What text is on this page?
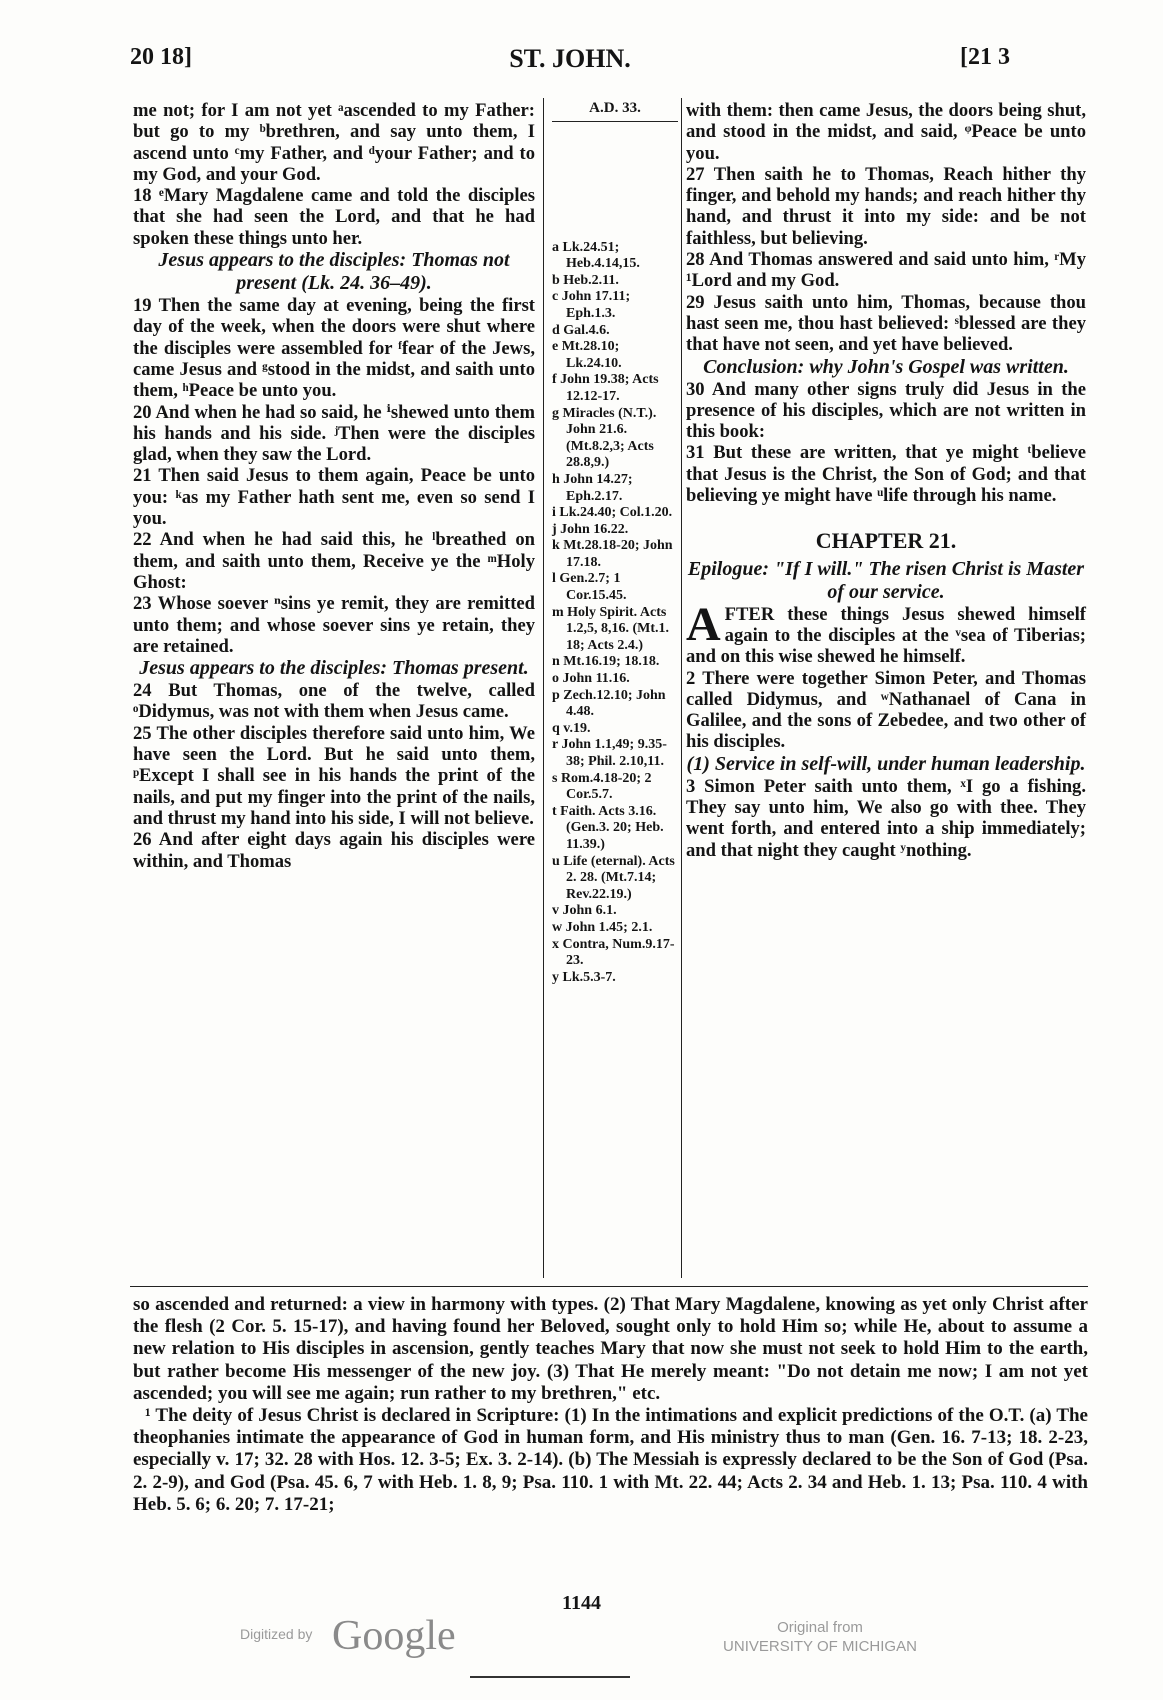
20 18]	ST. JOHN.	[21 3

me not; for I am not yet ᵃascended to my Father: but go to my ᵇbrethren, and say unto them, I ascend unto ᶜmy Father, and ᵈyour Father; and to my God, and your God.

18 ᵉMary Magdalene came and told the disciples that she had seen the Lord, and that he had spoken these things unto her.

Jesus appears to the disciples: Thomas not present (Lk. 24. 36–49).

19 Then the same day at evening, being the first day of the week, when the doors were shut where the disciples were assembled for ᶠfear of the Jews, came Jesus and ᵍstood in the midst, and saith unto them, ʰPeace be unto you.

20 And when he had so said, he ⁱshewed unto them his hands and his side. ʲThen were the disciples glad, when they saw the Lord.

21 Then said Jesus to them again, Peace be unto you: ᵏas my Father hath sent me, even so send I you.

22 And when he had said this, he ˡbreathed on them, and saith unto them, Receive ye the ᵐHoly Ghost:

23 Whose soever ⁿsins ye remit, they are remitted unto them; and whose soever sins ye retain, they are retained.

Jesus appears to the disciples: Thomas present.

24 But Thomas, one of the twelve, called ᵒDidymus, was not with them when Jesus came.

25 The other disciples therefore said unto him, We have seen the Lord. But he said unto them, ᵖExcept I shall see in his hands the print of the nails, and put my finger into the print of the nails, and thrust my hand into his side, I will not believe.

26 And after eight days again his disciples were within, and Thomas

A.D. 33.

a Lk.24.51; Heb.4.14,15.

b Heb.2.11.

c John 17.11; Eph.1.3.

d Gal.4.6.

e Mt.28.10; Lk.24.10.

f John 19.38; Acts 12.12-17.

g Miracles (N.T.). John 21.6. (Mt.8.2,3; Acts 28.8,9.)

h John 14.27; Eph.2.17.

i Lk.24.40; Col.1.20.

j John 16.22.

k Mt.28.18-20; John 17.18.

l Gen.2.7; 1 Cor.15.45.

m Holy Spirit. Acts 1.2,5, 8,16. (Mt.1. 18; Acts 2.4.)

n Mt.16.19; 18.18.

o John 11.16.

p Zech.12.10; John 4.48.

q v.19.

r John 1.1,49; 9.35-38; Phil. 2.10,11.

s Rom.4.18-20; 2 Cor.5.7.

t Faith. Acts 3.16. (Gen.3. 20; Heb. 11.39.)

u Life (eternal). Acts 2. 28. (Mt.7.14; Rev.22.19.)

v John 6.1.

w John 1.45; 2.1.

x Contra, Num.9.17-23.

y Lk.5.3-7.

with them: then came Jesus, the doors being shut, and stood in the midst, and said, ᵠPeace be unto you.

27 Then saith he to Thomas, Reach hither thy finger, and behold my hands; and reach hither thy hand, and thrust it into my side: and be not faithless, but believing.

28 And Thomas answered and said unto him, ʳMy ¹Lord and my God.

29 Jesus saith unto him, Thomas, because thou hast seen me, thou hast believed: ˢblessed are they that have not seen, and yet have believed.

Conclusion: why John's Gospel was written.

30 And many other signs truly did Jesus in the presence of his disciples, which are not written in this book:

31 But these are written, that ye might ᵗbelieve that Jesus is the Christ, the Son of God; and that believing ye might have ᵘlife through his name.

CHAPTER 21.

Epilogue: "If I will." The risen Christ is Master of our service.

AFTER these things Jesus shewed himself again to the disciples at the ᵛsea of Tiberias; and on this wise shewed he himself.

2 There were together Simon Peter, and Thomas called Didymus, and ʷNathanael of Cana in Galilee, and the sons of Zebedee, and two other of his disciples.

(1) Service in self-will, under human leadership.

3 Simon Peter saith unto them, ˣI go a fishing. They say unto him, We also go with thee. They went forth, and entered into a ship immediately; and that night they caught ʸnothing.

so ascended and returned: a view in harmony with types. (2) That Mary Magdalene, knowing as yet only Christ after the flesh (2 Cor. 5. 15-17), and having found her Beloved, sought only to hold Him so; while He, about to assume a new relation to His disciples in ascension, gently teaches Mary that now she must not seek to hold Him to the earth, but rather become His messenger of the new joy. (3) That He merely meant: "Do not detain me now; I am not yet ascended; you will see me again; run rather to my brethren," etc.

¹ The deity of Jesus Christ is declared in Scripture: (1) In the intimations and explicit predictions of the O.T. (a) The theophanies intimate the appearance of God in human form, and His ministry thus to man (Gen. 16. 7-13; 18. 2-23, especially v. 17; 32. 28 with Hos. 12. 3-5; Ex. 3. 2-14). (b) The Messiah is expressly declared to be the Son of God (Psa. 2. 2-9), and God (Psa. 45. 6, 7 with Heb. 1. 8, 9; Psa. 110. 1 with Mt. 22. 44; Acts 2. 34 and Heb. 1. 13; Psa. 110. 4 with Heb. 5. 6; 6. 20; 7. 17-21;

1144
Digitized by Google	Original from
UNIVERSITY OF MICHIGAN
